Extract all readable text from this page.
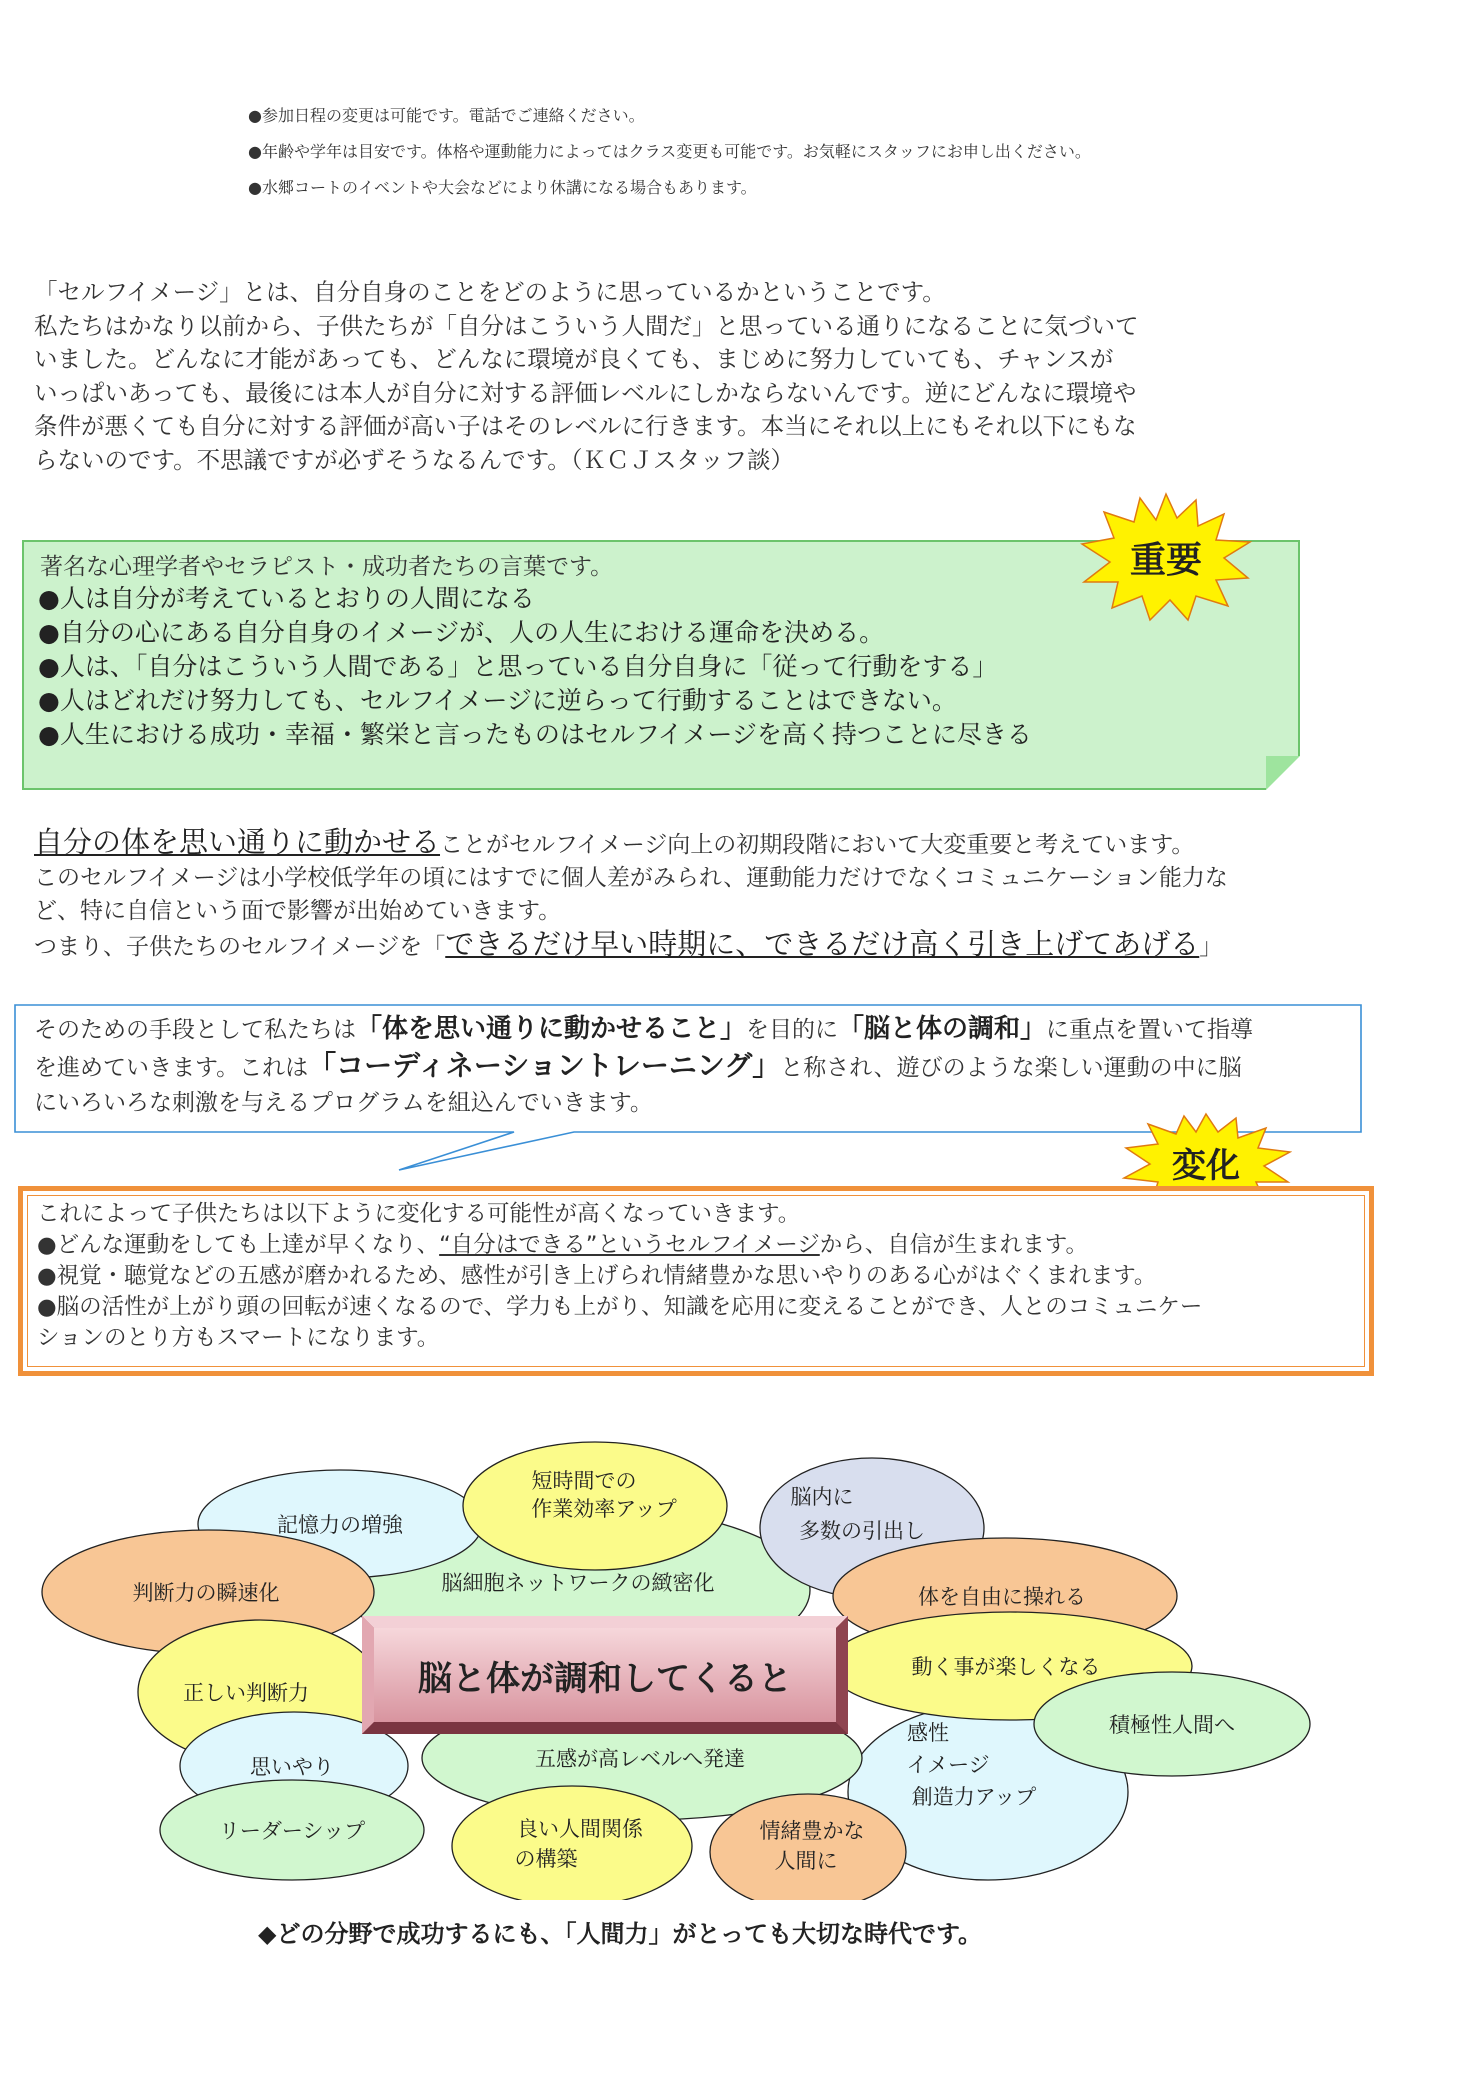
●参加日程の変更は可能です。電話でご連絡ください。
●年齢や学年は目安です。体格や運動能力によってはクラス変更も可能です。お気軽にスタッフにお申し出ください。
●水郷コートのイベントや大会などにより休講になる場合もあります。
「セルフイメージ」とは、自分自身のことをどのように思っているかということです。
私たちはかなり以前から、子供たちが「自分はこういう人間だ」と思っている通りになることに気づいて
いました。どんなに才能があっても、どんなに環境が良くても、まじめに努力していても、チャンスが
いっぱいあっても、最後には本人が自分に対する評価レベルにしかならないんです。逆にどんなに環境や
条件が悪くても自分に対する評価が高い子はそのレベルに行きます。本当にそれ以上にもそれ以下にもな
らないのです。不思議ですが必ずそうなるんです。（ＫＣＪスタッフ談）
著名な心理学者やセラピスト・成功者たちの言葉です。
●人は自分が考えているとおりの人間になる
●自分の心にある自分自身のイメージが、人の人生における運命を決める。
●人は、「自分はこういう人間である」と思っている自分自身に「従って行動をする」
●人はどれだけ努力しても、セルフイメージに逆らって行動することはできない。
●人生における成功・幸福・繁栄と言ったものはセルフイメージを高く持つことに尽きる
重要
自分の体を思い通りに動かせることがセルフイメージ向上の初期段階において大変重要と考えています。
このセルフイメージは小学校低学年の頃にはすでに個人差がみられ、運動能力だけでなくコミュニケーション能力な
ど、特に自信という面で影響が出始めていきます。
つまり、子供たちのセルフイメージを「できるだけ早い時期に、できるだけ高く引き上げてあげる」
そのための手段として私たちは「体を思い通りに動かせること」を目的に「脳と体の調和」に重点を置いて指導
を進めていきます。これは「コーディネーショントレーニング」と称され、遊びのような楽しい運動の中に脳
にいろいろな刺激を与えるプログラムを組込んでいきます。
変化
これによって子供たちは以下ように変化する可能性が高くなっていきます。
●どんな運動をしても上達が早くなり、“自分はできる”というセルフイメージから、自信が生まれます。
●視覚・聴覚などの五感が磨かれるため、感性が引き上げられ情緒豊かな思いやりのある心がはぐくまれます。
●脳の活性が上がり頭の回転が速くなるので、学力も上がり、知識を応用に変えることができ、人とのコミュニケー
ションのとり方もスマートになります。
記憶力の増強
短時間での
作業効率アップ	脳内に
多数の引出し
判断力の瞬速化	脳細胞ネットワークの緻密化
体を自由に操れる
正しい判断力
動く事が楽しくなる
積極性人間へ
感性
イメージ
創造力アップ
思いやり	五感が高レベルへ発達
リーダーシップ	良い人間関係
の構築
情緒豊かな
人間に
脳と体が調和してくると
◆どの分野で成功するにも、「人間力」がとっても大切な時代です。
